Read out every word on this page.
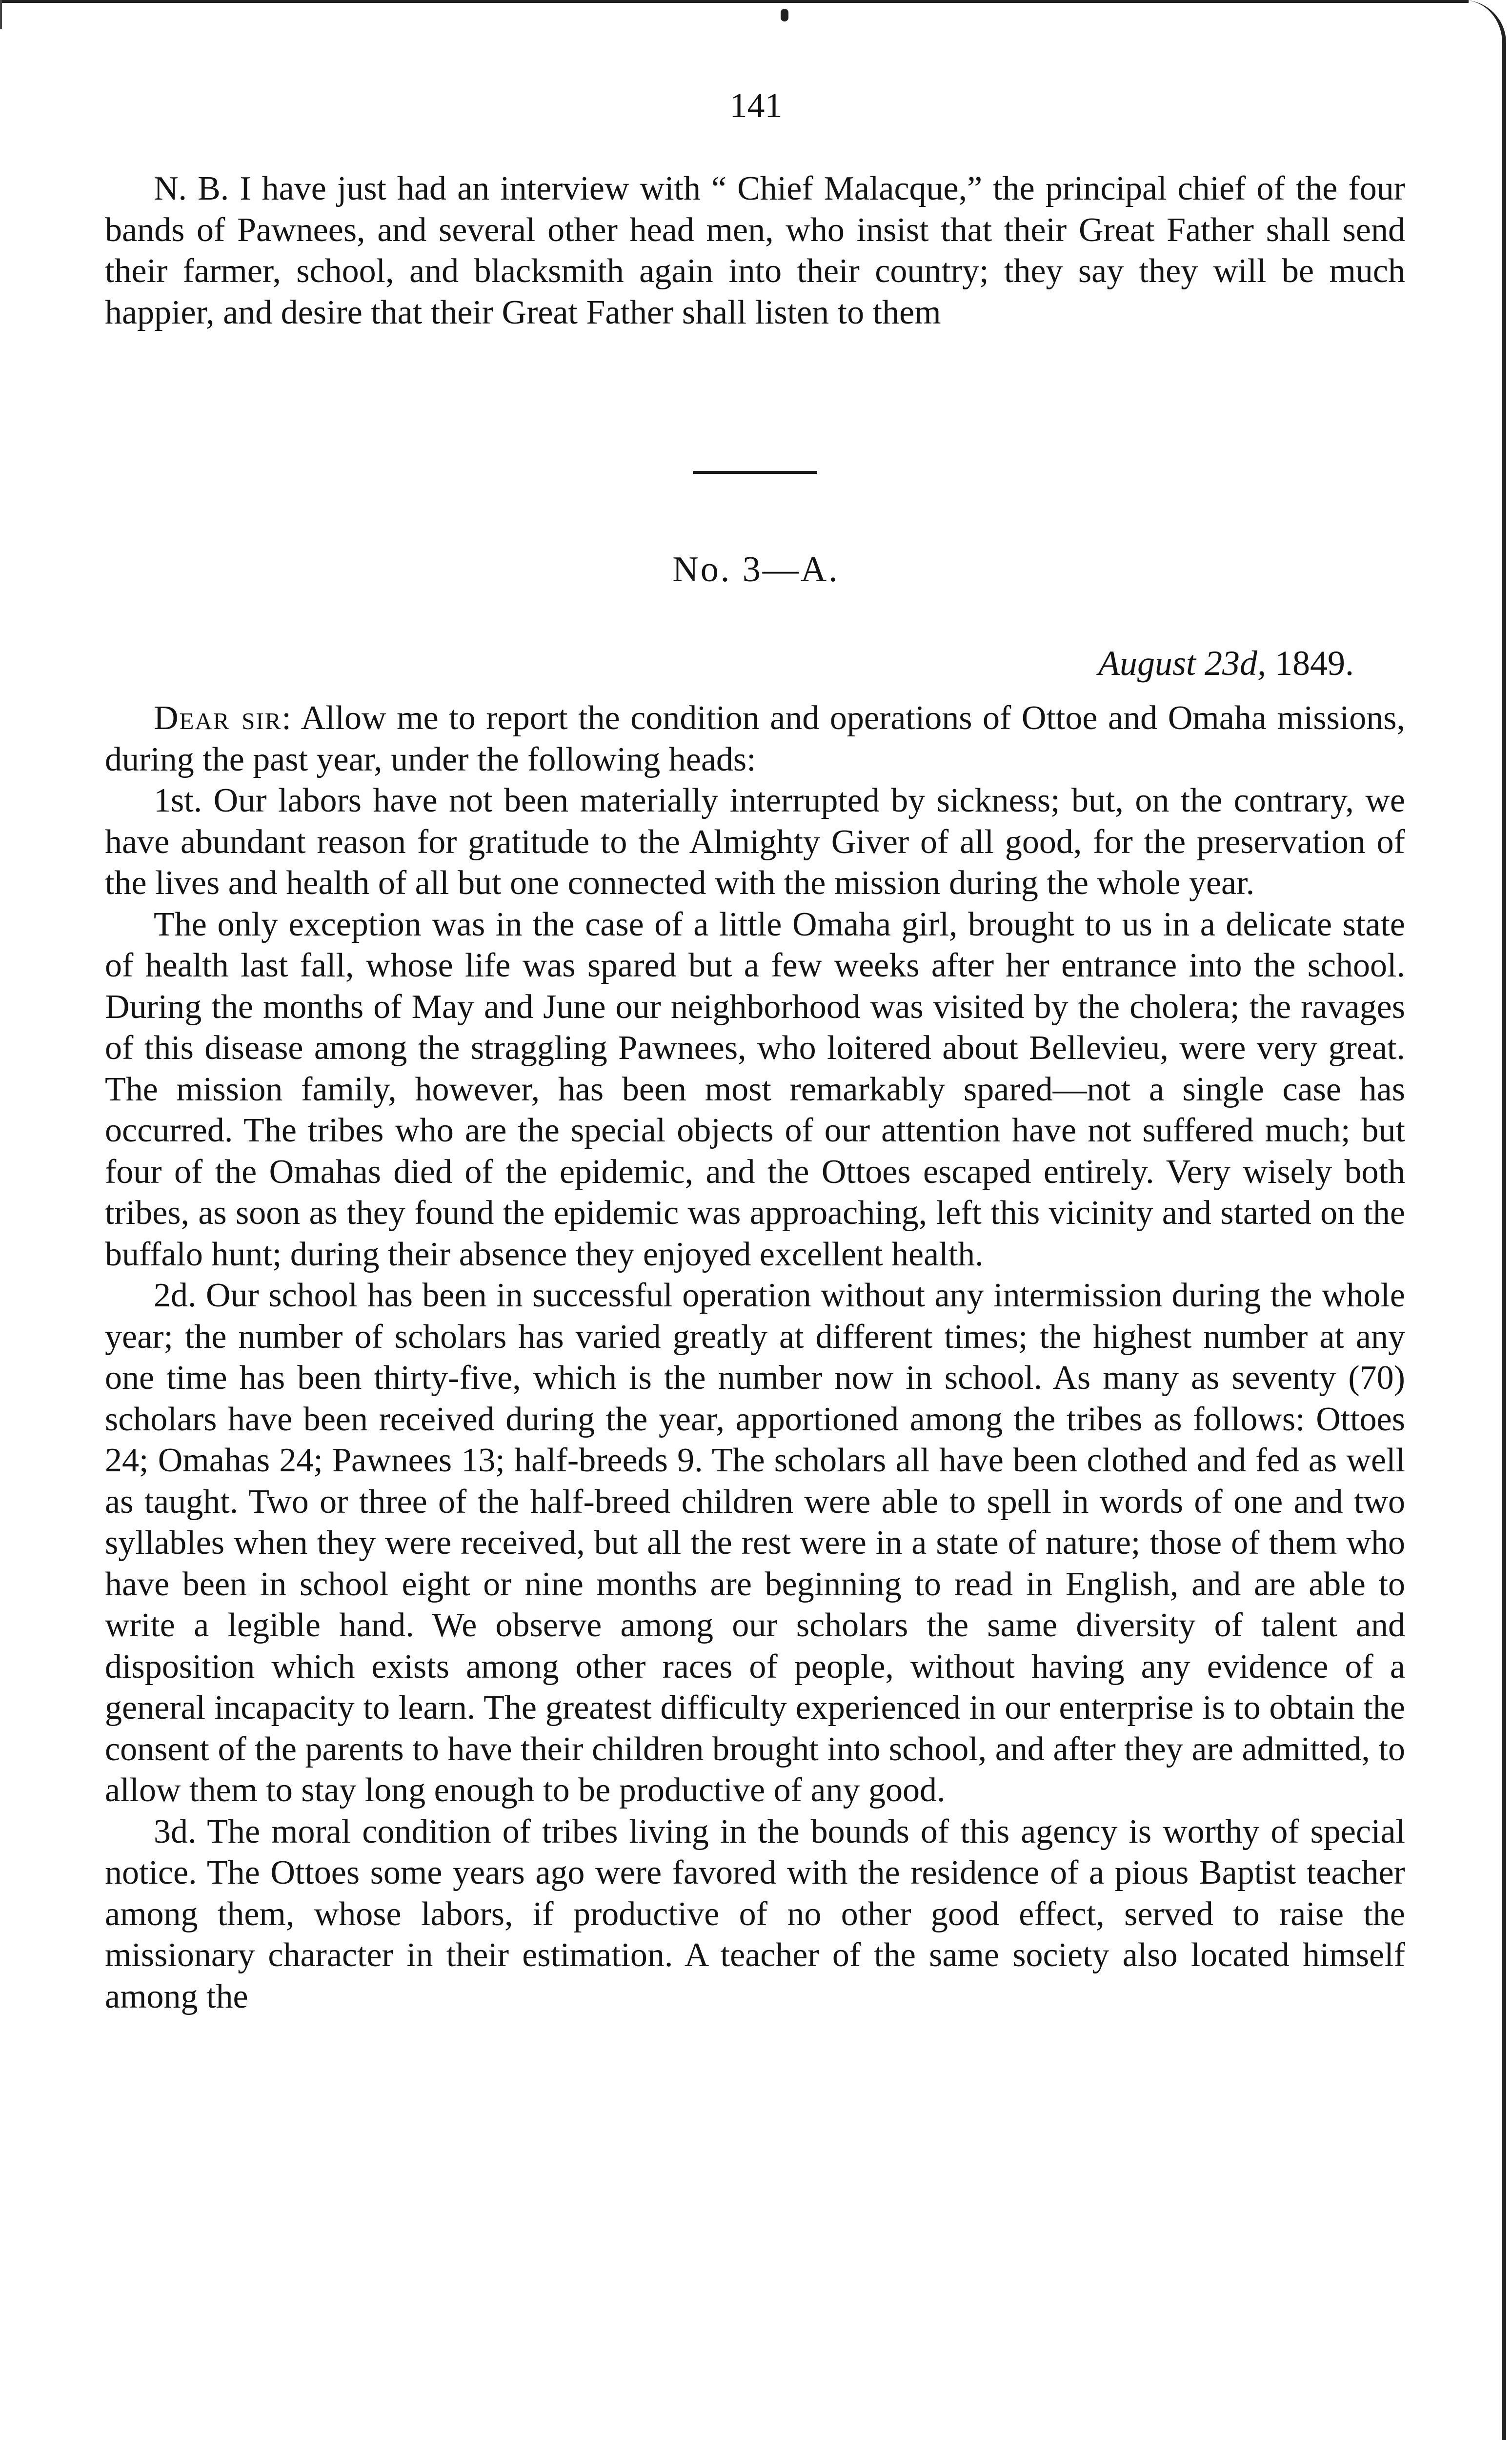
141
N. B. I have just had an interview with “ Chief Malacque,” the principal chief of the four bands of Pawnees, and several other head men, who insist that their Great Father shall send their farmer, school, and blacksmith again into their country; they say they will be much happier, and desire that their Great Father shall listen to them
No. 3—A.
August 23d, 1849.

Dear sir: Allow me to report the condition and operations of Ottoe and Omaha missions, during the past year, under the following heads:

1st. Our labors have not been materially interrupted by sickness; but, on the contrary, we have abundant reason for gratitude to the Almighty Giver of all good, for the preservation of the lives and health of all but one connected with the mission during the whole year.

The only exception was in the case of a little Omaha girl, brought to us in a delicate state of health last fall, whose life was spared but a few weeks after her entrance into the school. During the months of May and June our neighborhood was visited by the cholera; the ravages of this disease among the straggling Pawnees, who loitered about Bellevieu, were very great. The mission family, however, has been most remarkably spared—not a single case has occurred. The tribes who are the special objects of our attention have not suffered much; but four of the Omahas died of the epidemic, and the Ottoes escaped entirely. Very wisely both tribes, as soon as they found the epidemic was approaching, left this vicinity and started on the buffalo hunt; during their absence they enjoyed excellent health.

2d. Our school has been in successful operation without any intermission during the whole year; the number of scholars has varied greatly at different times; the highest number at any one time has been thirty-five, which is the number now in school. As many as seventy (70) scholars have been received during the year, apportioned among the tribes as follows: Ottoes 24; Omahas 24; Pawnees 13; half-breeds 9. The scholars all have been clothed and fed as well as taught. Two or three of the half-breed children were able to spell in words of one and two syllables when they were received, but all the rest were in a state of nature; those of them who have been in school eight or nine months are beginning to read in English, and are able to write a legible hand. We observe among our scholars the same diversity of talent and disposition which exists among other races of people, without having any evidence of a general incapacity to learn. The greatest difficulty experienced in our enterprise is to obtain the consent of the parents to have their children brought into school, and after they are admitted, to allow them to stay long enough to be productive of any good.

3d. The moral condition of tribes living in the bounds of this agency is worthy of special notice. The Ottoes some years ago were favored with the residence of a pious Baptist teacher among them, whose labors, if productive of no other good effect, served to raise the missionary character in their estimation. A teacher of the same society also located himself among the
